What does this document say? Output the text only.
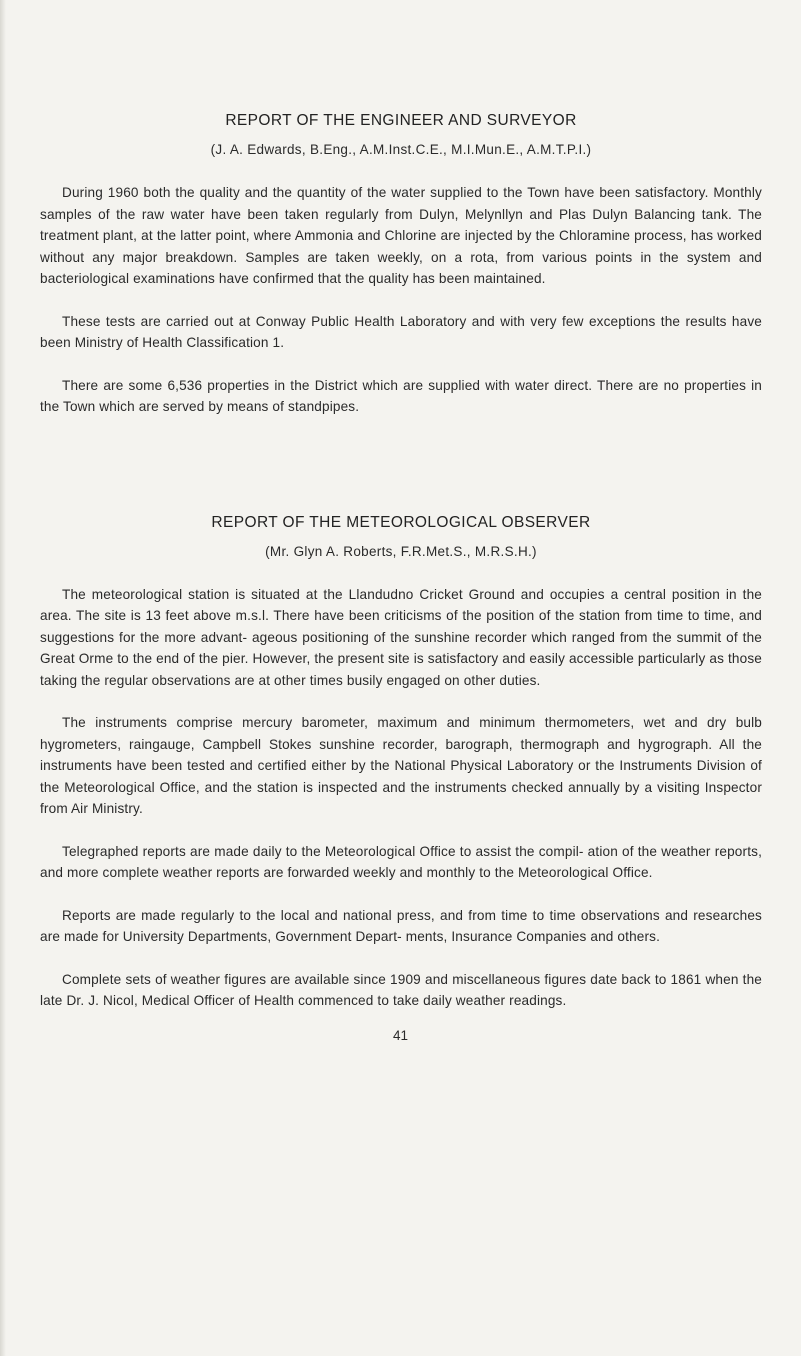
REPORT OF THE ENGINEER AND SURVEYOR
(J. A. Edwards, B.Eng., A.M.Inst.C.E., M.I.Mun.E., A.M.T.P.I.)

During 1960 both the quality and the quantity of the water supplied to the Town have been satisfactory. Monthly samples of the raw water have been taken regularly from Dulyn, Melynllyn and Plas Dulyn Balancing tank. The treatment plant, at the latter point, where Ammonia and Chlorine are injected by the Chloramine process, has worked without any major breakdown. Samples are taken weekly, on a rota, from various points in the system and bacteriological examinations have confirmed that the quality has been maintained.

These tests are carried out at Conway Public Health Laboratory and with very few exceptions the results have been Ministry of Health Classification 1.

There are some 6,536 properties in the District which are supplied with water direct. There are no properties in the Town which are served by means of standpipes.

REPORT OF THE METEOROLOGICAL OBSERVER
(Mr. Glyn A. Roberts, F.R.Met.S., M.R.S.H.)

The meteorological station is situated at the Llandudno Cricket Ground and occupies a central position in the area. The site is 13 feet above m.s.l. There have been criticisms of the position of the station from time to time, and suggestions for the more advant- ageous positioning of the sunshine recorder which ranged from the summit of the Great Orme to the end of the pier. However, the present site is satisfactory and easily accessible particularly as those taking the regular observations are at other times busily engaged on other duties.

The instruments comprise mercury barometer, maximum and minimum thermometers, wet and dry bulb hygrometers, raingauge, Campbell Stokes sunshine recorder, barograph, thermograph and hygrograph. All the instruments have been tested and certified either by the National Physical Laboratory or the Instruments Division of the Meteorological Office, and the station is inspected and the instruments checked annually by a visiting Inspector from Air Ministry.

Telegraphed reports are made daily to the Meteorological Office to assist the compil- ation of the weather reports, and more complete weather reports are forwarded weekly and monthly to the Meteorological Office.

Reports are made regularly to the local and national press, and from time to time observations and researches are made for University Departments, Government Depart- ments, Insurance Companies and others.

Complete sets of weather figures are available since 1909 and miscellaneous figures date back to 1861 when the late Dr. J. Nicol, Medical Officer of Health commenced to take daily weather readings.

41
